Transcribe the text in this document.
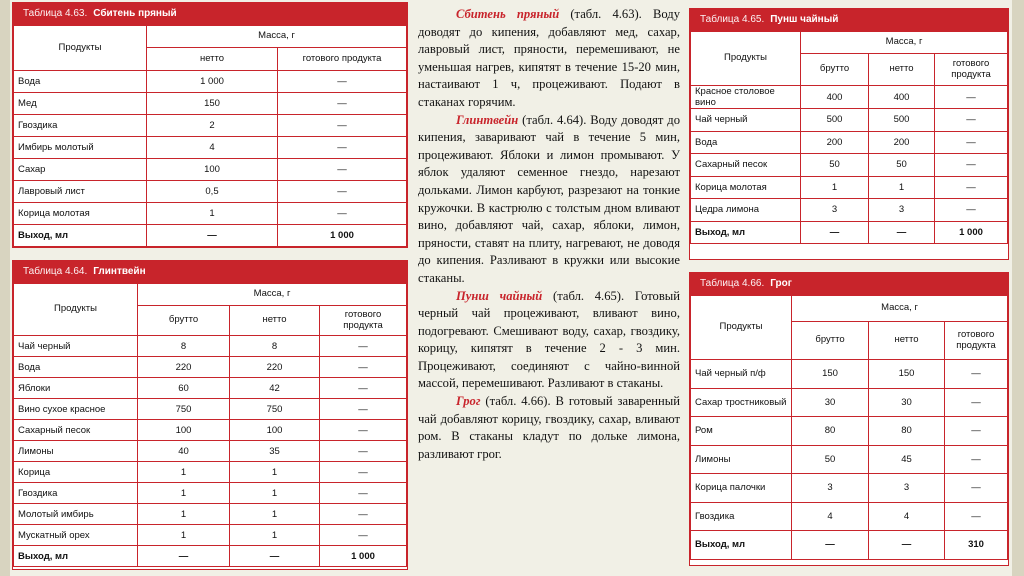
Таблица 4.63. Сбитень пряный
Продукты	Масса, г	
	нетто	готового продукта
Вода	1 000	—
Мед	150	—
Гвоздика	2	—
Имбирь молотый	4	—
Сахар	100	—
Лавровый лист	0,5	—
Корица молотая	1	—
Выход, мл	—	1 000
Таблица 4.64. Глинтвейн
Продукты	Масса, г		
	брутто	нетто	готового продукта
Чай черный	8	8	—
Вода	220	220	—
Яблоки	60	42	—
Вино сухое красное	750	750	—
Сахарный песок	100	100	—
Лимоны	40	35	—
Корица	1	1	—
Гвоздика	1	1	—
Молотый имбирь	1	1	—
Мускатный орех	1	1	—
Выход, мл	—	—	1 000

Сбитень пряный (табл. 4.63). Воду доводят до кипения, добавляют мед, сахар, лавровый лист, пряности, перемешивают, не уменьшая нагрев, кипятят в течение 15-20 мин, настаивают 1 ч, процеживают. Подают в стаканах горячим.

Глинтвейн (табл. 4.64). Воду доводят до кипения, заваривают чай в течение 5 мин, процеживают. Яблоки и лимон промывают. У яблок удаляют семенное гнездо, нарезают дольками. Лимон карбуют, разрезают на тонкие кружочки. В кастрюлю с толстым дном вливают вино, добавляют чай, сахар, яблоки, лимон, пряности, ставят на плиту, нагревают, не доводя до кипения. Разливают в кружки или высокие стаканы.

Пунш чайный (табл. 4.65). Готовый черный чай процеживают, вливают вино, подогревают. Смешивают воду, сахар, гвоздику, корицу, кипятят в течение 2 - 3 мин. Процеживают, соединяют с чайно-винной массой, перемешивают. Разливают в стаканы.

Грог (табл. 4.66). В готовый заваренный чай добавляют корицу, гвоздику, сахар, вливают ром. В стаканы кладут по дольке лимона, разливают грог.

Таблица 4.65. Пунш чайный
Продукты	Масса, г		
	брутто	нетто	готового продукта
Красное столовое вино	400	400	—
Чай черный	500	500	—
Вода	200	200	—
Сахарный песок	50	50	—
Корица молотая	1	1	—
Цедра лимона	3	3	—
Выход, мл	—	—	1 000
Таблица 4.66. Грог
Продукты	Масса, г		
	брутто	нетто	готового продукта
Чай черный п/ф	150	150	—
Сахар тростниковый	30	30	—
Ром	80	80	—
Лимоны	50	45	—
Корица палочки	3	3	—
Гвоздика	4	4	—
Выход, мл	—	—	310
